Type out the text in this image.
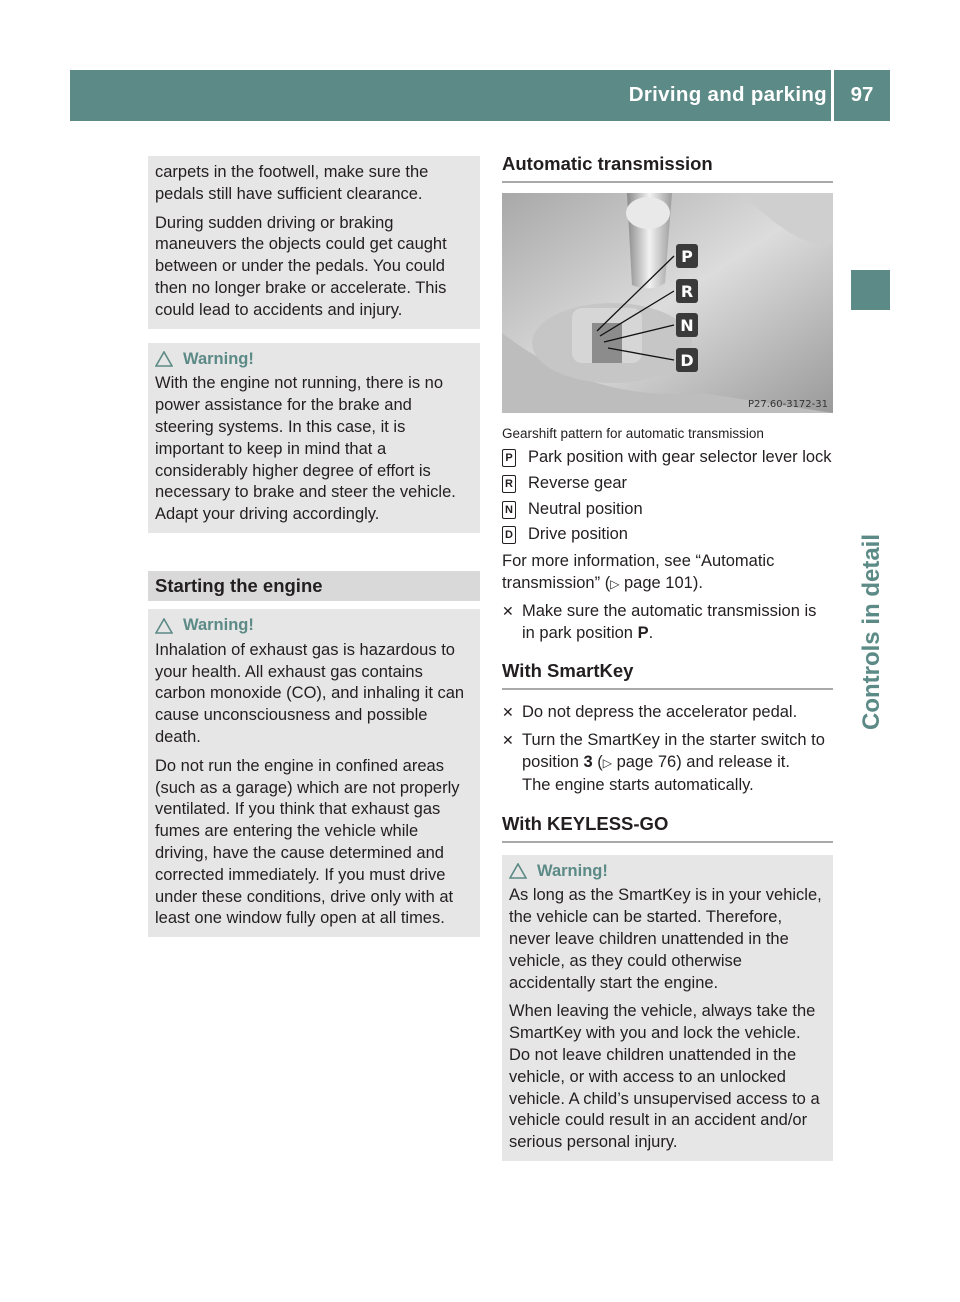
Driving and parking	97
Controls in detail

carpets in the footwell, make sure the pedals still have sufficient clearance.

During sudden driving or braking maneuvers the objects could get caught between or under the pedals. You could then no longer brake or accelerate. This could lead to accidents and injury.

Warning!

With the engine not running, there is no power assistance for the brake and steering systems. In this case, it is important to keep in mind that a considerably higher degree of effort is necessary to brake and steer the vehicle. Adapt your driving accordingly.

Starting the engine

Warning!

Inhalation of exhaust gas is hazardous to your health. All exhaust gas contains carbon monoxide (CO), and inhaling it can cause unconsciousness and possible death.

Do not run the engine in confined areas (such as a garage) which are not properly ventilated. If you think that exhaust gas fumes are entering the vehicle while driving, have the cause determined and corrected immediately. If you must drive under these conditions, drive only with at least one window fully open at all times.

Automatic transmission
P
R
N
D
P27.60-3172-31

Gearshift pattern for automatic transmission

P Park position with gear selector lever lock
R Reverse gear
N Neutral position
D Drive position

For more information, see “Automatic transmission” (▷ page 101).

✕ Make sure the automatic transmission is in park position P.

With SmartKey
✕ Do not depress the accelerator pedal.

✕ Turn the SmartKey in the starter switch to position 3 (▷ page 76) and release it.

The engine starts automatically.

With KEYLESS-GO

Warning!

As long as the SmartKey is in your vehicle, the vehicle can be started. Therefore, never leave children unattended in the vehicle, as they could otherwise accidentally start the engine.

When leaving the vehicle, always take the SmartKey with you and lock the vehicle. Do not leave children unattended in the vehicle, or with access to an unlocked vehicle. A child’s unsupervised access to a vehicle could result in an accident and/or serious personal injury.
